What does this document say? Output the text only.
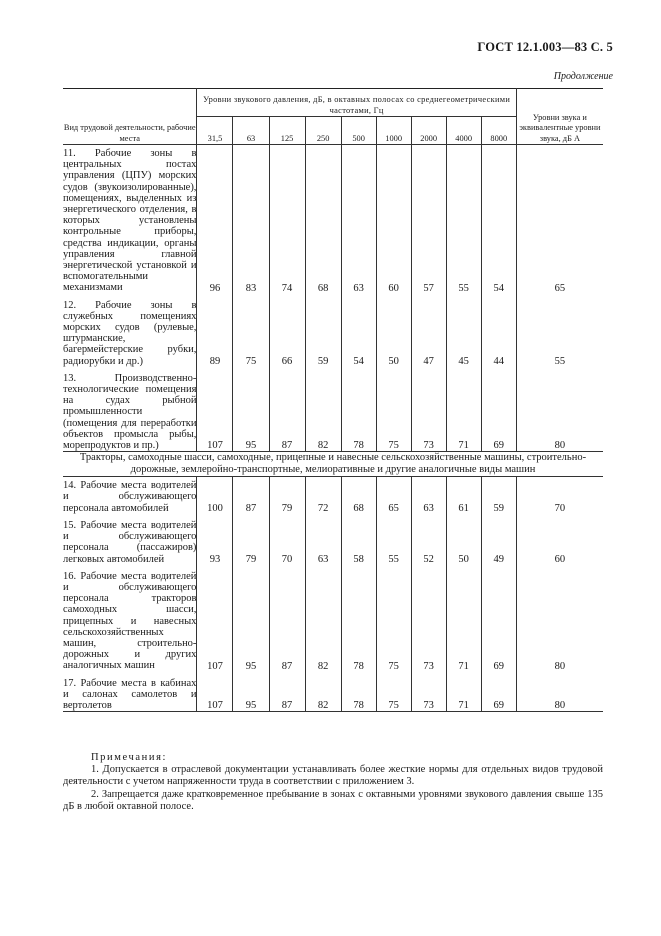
ГОСТ 12.1.003—83 С. 5
Продолжение
Вид трудовой деятельности, рабочие места	Уровни звукового давления, дБ, в октавных полосах со среднегеометрическими частотами, Гц									Уровни звука и эквивалентные уровни звука, дБ А
	31,5	63	125	250	500	1000	2000	4000	8000	
11. Рабочие зоны в центральных постах управления (ЦПУ) морских судов (звукоизолированные), помещениях, выделенных из энергетического отделения, в которых установлены контрольные приборы, средства индикации, органы управления главной энергетической установкой и вспомогательными механизмами	96	83	74	68	63	60	57	55	54	65
12. Рабочие зоны в служебных помещениях морских судов (рулевые, штурманские, багермейстерские рубки, радиорубки и др.)	89	75	66	59	54	50	47	45	44	55
13. Производственно-технологические помещения на судах рыбной промышленности (помещения для переработки объектов промысла рыбы, морепродуктов и пр.)	107	95	87	82	78	75	73	71	69	80
Тракторы, самоходные шасси, самоходные, прицепные и навесные сельскохозяйственные машины, строительно-дорожные, землеройно-транспортные, мелиоративные и другие аналогичные виды машин										
14. Рабочие места водителей и обслуживающего персонала автомобилей	100	87	79	72	68	65	63	61	59	70
15. Рабочие места водителей и обслуживающего персонала (пассажиров) легковых автомобилей	93	79	70	63	58	55	52	50	49	60
16. Рабочие места водителей и обслуживающего персонала тракторов самоходных шасси, прицепных и навесных сельскохозяйственных машин, строительно-дорожных и других аналогичных машин	107	95	87	82	78	75	73	71	69	80
17. Рабочие места в кабинах и салонах самолетов и вертолетов	107	95	87	82	78	75	73	71	69	80
Примечания:

1. Допускается в отраслевой документации устанавливать более жесткие нормы для отдельных видов трудовой деятельности с учетом напряженности труда в соответствии с приложением 3.

2. Запрещается даже кратковременное пребывание в зонах с октавными уровнями звукового давления свыше 135 дБ в любой октавной полосе.
